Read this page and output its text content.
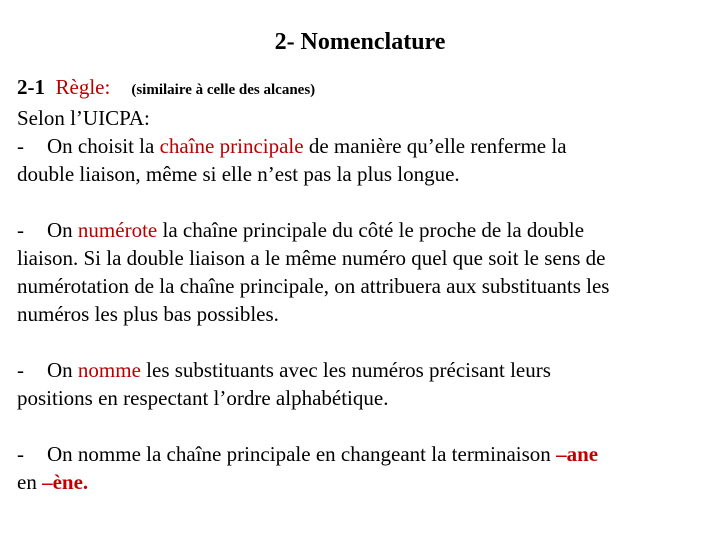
2- Nomenclature
2-1 Règle: (similaire à celle des alcanes)
Selon l’UICPA:
- On choisit la chaîne principale de manière qu’elle renferme la
double liaison, même si elle n’est pas la plus longue.
- On numérote la chaîne principale du côté le proche de la double
liaison. Si la double liaison a le même numéro quel que soit le sens de
numérotation de la chaîne principale, on attribuera aux substituants les
numéros les plus bas possibles.
- On nomme les substituants avec les numéros précisant leurs
positions en respectant l’ordre alphabétique.
- On nomme la chaîne principale en changeant la terminaison –ane
en –ène.
